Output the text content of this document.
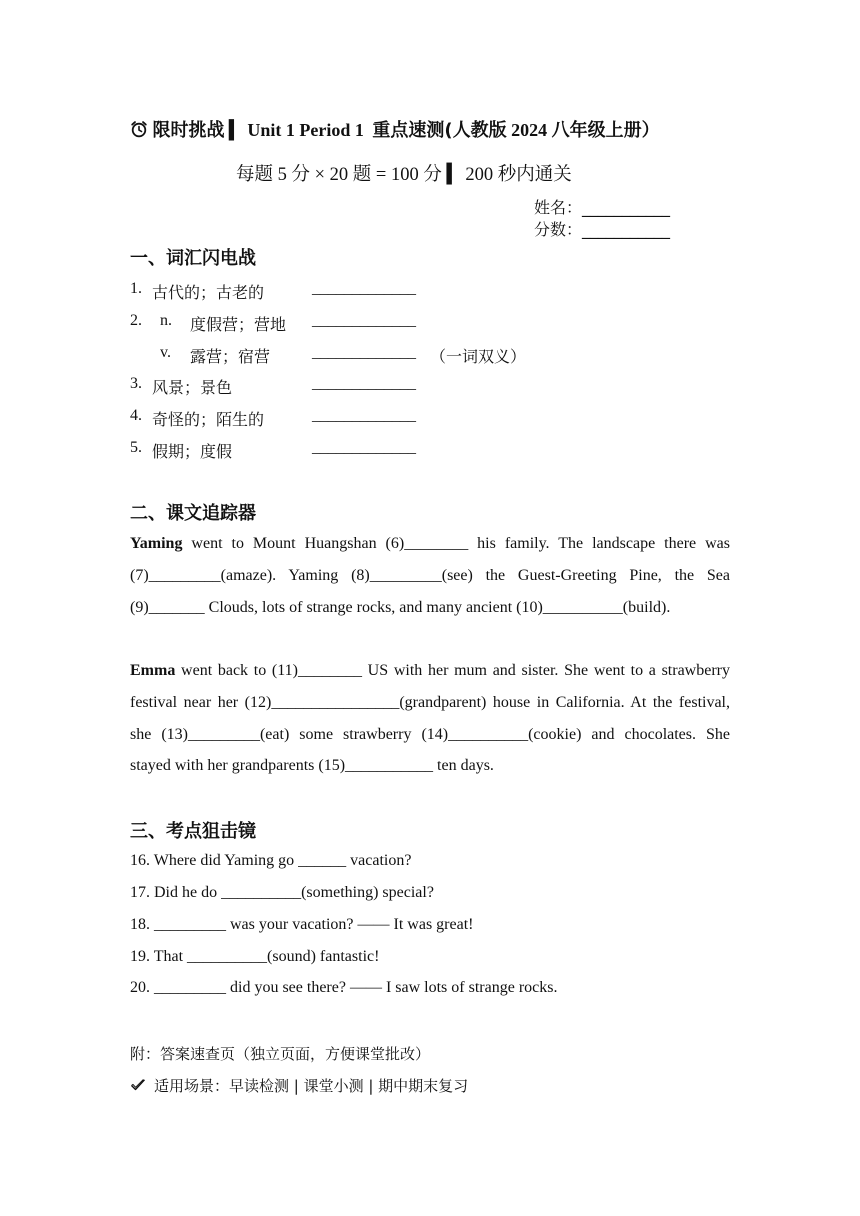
限时挑战 ▍ Unit 1 Period 1 重点速测(人教版 2024 八年级上册）
每题 5 分 × 20 题 = 100 分 ▍ 200 秒内通关
姓名：___________
分数：___________
一、词汇闪电战
1. 古代的；古老的	_____________
2. n. 度假营；营地 _____________
v. 露营；宿营	_____________ （一词双义）
3. 风景；景色	_____________
4. 奇怪的；陌生的	_____________
5. 假期；度假	_____________
二、课文追踪器
Yaming went to Mount Huangshan (6)________ his family. The landscape there was (7)_________(amaze). Yaming (8)_________(see) the Guest-Greeting Pine, the Sea (9)_______ Clouds, lots of strange rocks, and many ancient (10)__________(build).
Emma went back to (11)________ US with her mum and sister. She went to a strawberry festival near her (12)________________(grandparent) house in California. At the festival, she (13)_________(eat) some strawberry (14)__________(cookie) and chocolates. She stayed with her grandparents (15)___________ ten days.
三、考点狙击镜
16. Where did Yaming go ______ vacation?
17. Did he do __________(something) special?
18. _________ was your vacation? —— It was great!
19. That __________(sound) fantastic!
20. _________ did you see there? —— I saw lots of strange rocks.
附：答案速查页（独立页面，方便课堂批改）
适用场景：早读检测 | 课堂小测 | 期中期末复习
